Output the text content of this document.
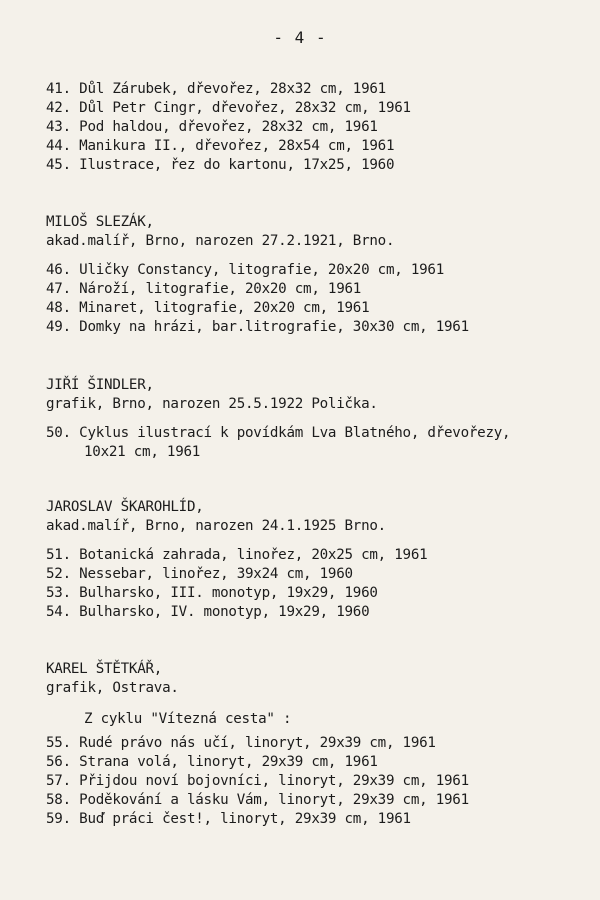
- 4 -
41. Důl Zárubek, dřevořez, 28x32 cm, 1961
42. Důl Petr Cingr, dřevořez, 28x32 cm, 1961
43. Pod haldou, dřevořez, 28x32 cm, 1961
44. Manikura II., dřevořez, 28x54 cm, 1961
45. Ilustrace, řez do kartonu, 17x25, 1960
MILOŠ SLEZÁK,
akad.malíř, Brno, narozen 27.2.1921, Brno.
46. Uličky Constancy, litografie, 20x20 cm, 1961
47. Nároží, litografie, 20x20 cm, 1961
48. Minaret, litografie, 20x20 cm, 1961
49. Domky na hrázi, bar.litrografie, 30x30 cm, 1961
JIŘÍ ŠINDLER,
grafik, Brno, narozen 25.5.1922 Polička.
50. Cyklus ilustrací k povídkám Lva Blatného, dřevořezy,
10x21 cm, 1961
JAROSLAV ŠKAROHLÍD,
akad.malíř, Brno, narozen 24.1.1925 Brno.
51. Botanická zahrada, linořez, 20x25 cm, 1961
52. Nessebar, linořez, 39x24 cm, 1960
53. Bulharsko, III. monotyp, 19x29, 1960
54. Bulharsko, IV. monotyp, 19x29, 1960
KAREL ŠTĚTKÁŘ,
grafik, Ostrava.
Z cyklu "Vítezná cesta" :
55. Rudé právo nás učí, linoryt, 29x39 cm, 1961
56. Strana volá, linoryt, 29x39 cm, 1961
57. Přijdou noví bojovníci, linoryt, 29x39 cm, 1961
58. Poděkování a lásku Vám, linoryt, 29x39 cm, 1961
59. Buď práci čest!, linoryt, 29x39 cm, 1961
